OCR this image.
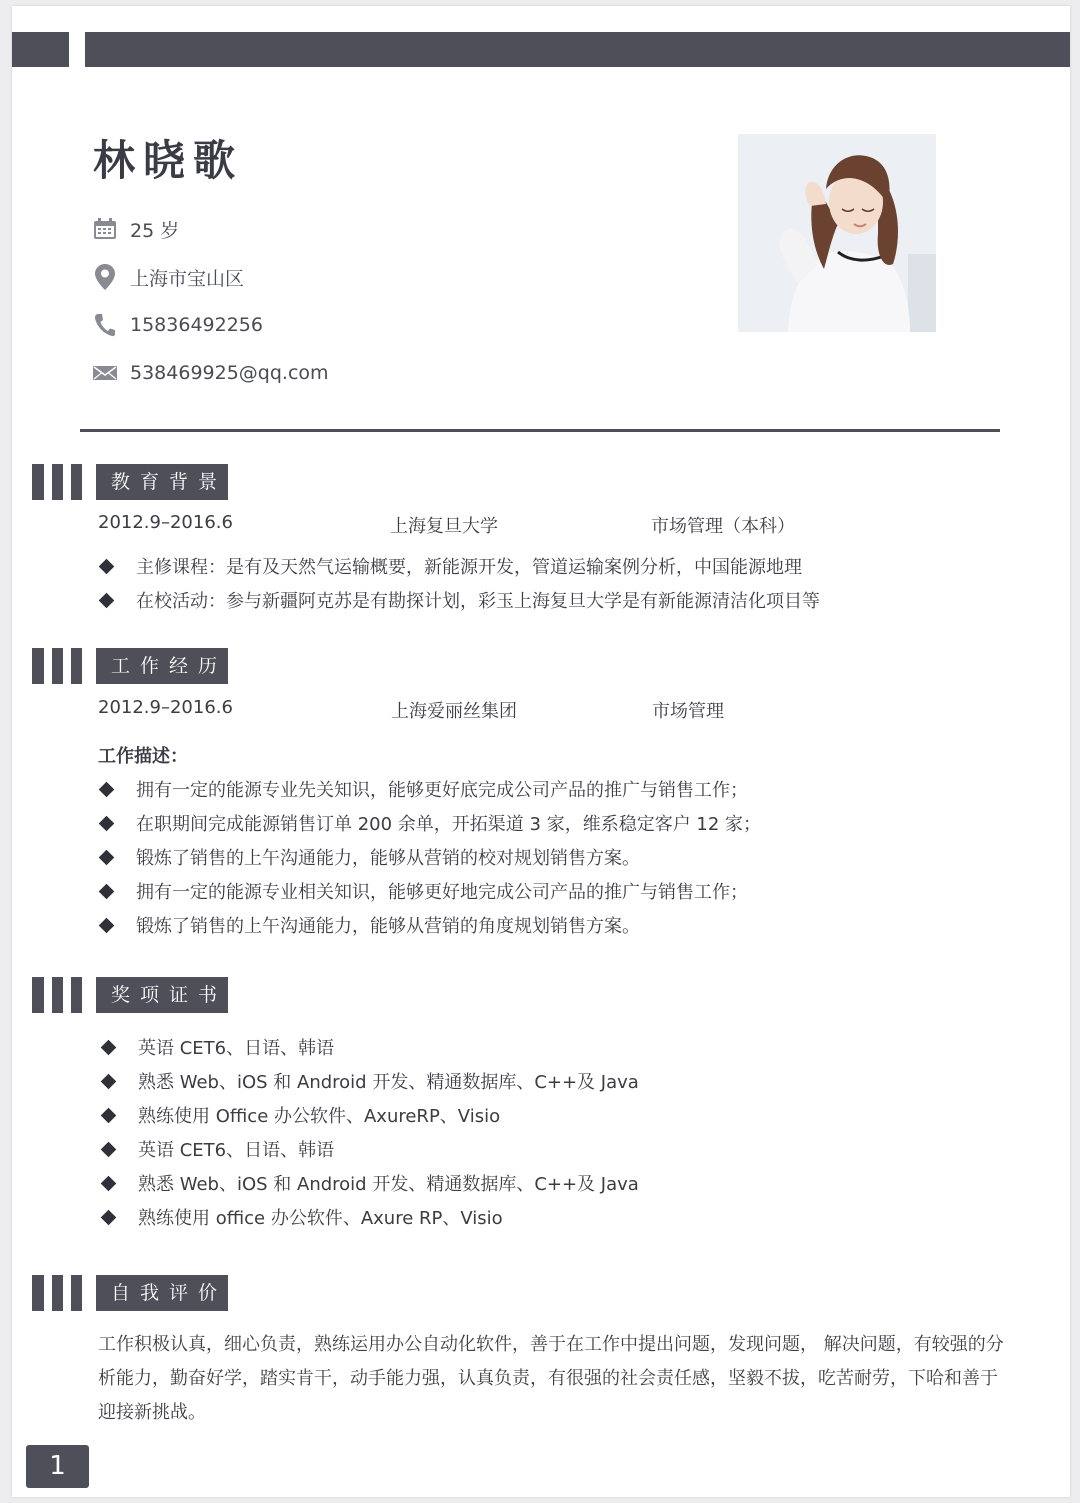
林晓歌
25 岁
上海市宝山区
15836492256
538469925@qq.com
教育背景
2012.9–2016.6	上海复旦大学	市场管理（本科）
主修课程：是有及天然气运输概要，新能源开发，管道运输案例分析，中国能源地理
在校活动：参与新疆阿克苏是有勘探计划，彩玉上海复旦大学是有新能源清洁化项目等
工作经历
2012.9–2016.6	上海爱丽丝集团	市场管理
工作描述：
拥有一定的能源专业先关知识，能够更好底完成公司产品的推广与销售工作；
在职期间完成能源销售订单 200 余单，开拓渠道 3 家，维系稳定客户 12 家；
锻炼了销售的上午沟通能力，能够从营销的校对规划销售方案。
拥有一定的能源专业相关知识，能够更好地完成公司产品的推广与销售工作；
锻炼了销售的上午沟通能力，能够从营销的角度规划销售方案。
奖项证书
英语 CET6、日语、韩语
熟悉 Web、iOS 和 Android 开发、精通数据库、C++及 Java
熟练使用 Office 办公软件、AxureRP、Visio
英语 CET6、日语、韩语
熟悉 Web、iOS 和 Android 开发、精通数据库、C++及 Java
熟练使用 office 办公软件、Axure RP、Visio
自我评价
工作积极认真，细心负责，熟练运用办公自动化软件，善于在工作中提出问题，发现问题， 解决问题，有较强的分析能力，勤奋好学，踏实肯干，动手能力强，认真负责，有很强的社会责任感，坚毅不拔，吃苦耐劳，下哈和善于迎接新挑战。
1
